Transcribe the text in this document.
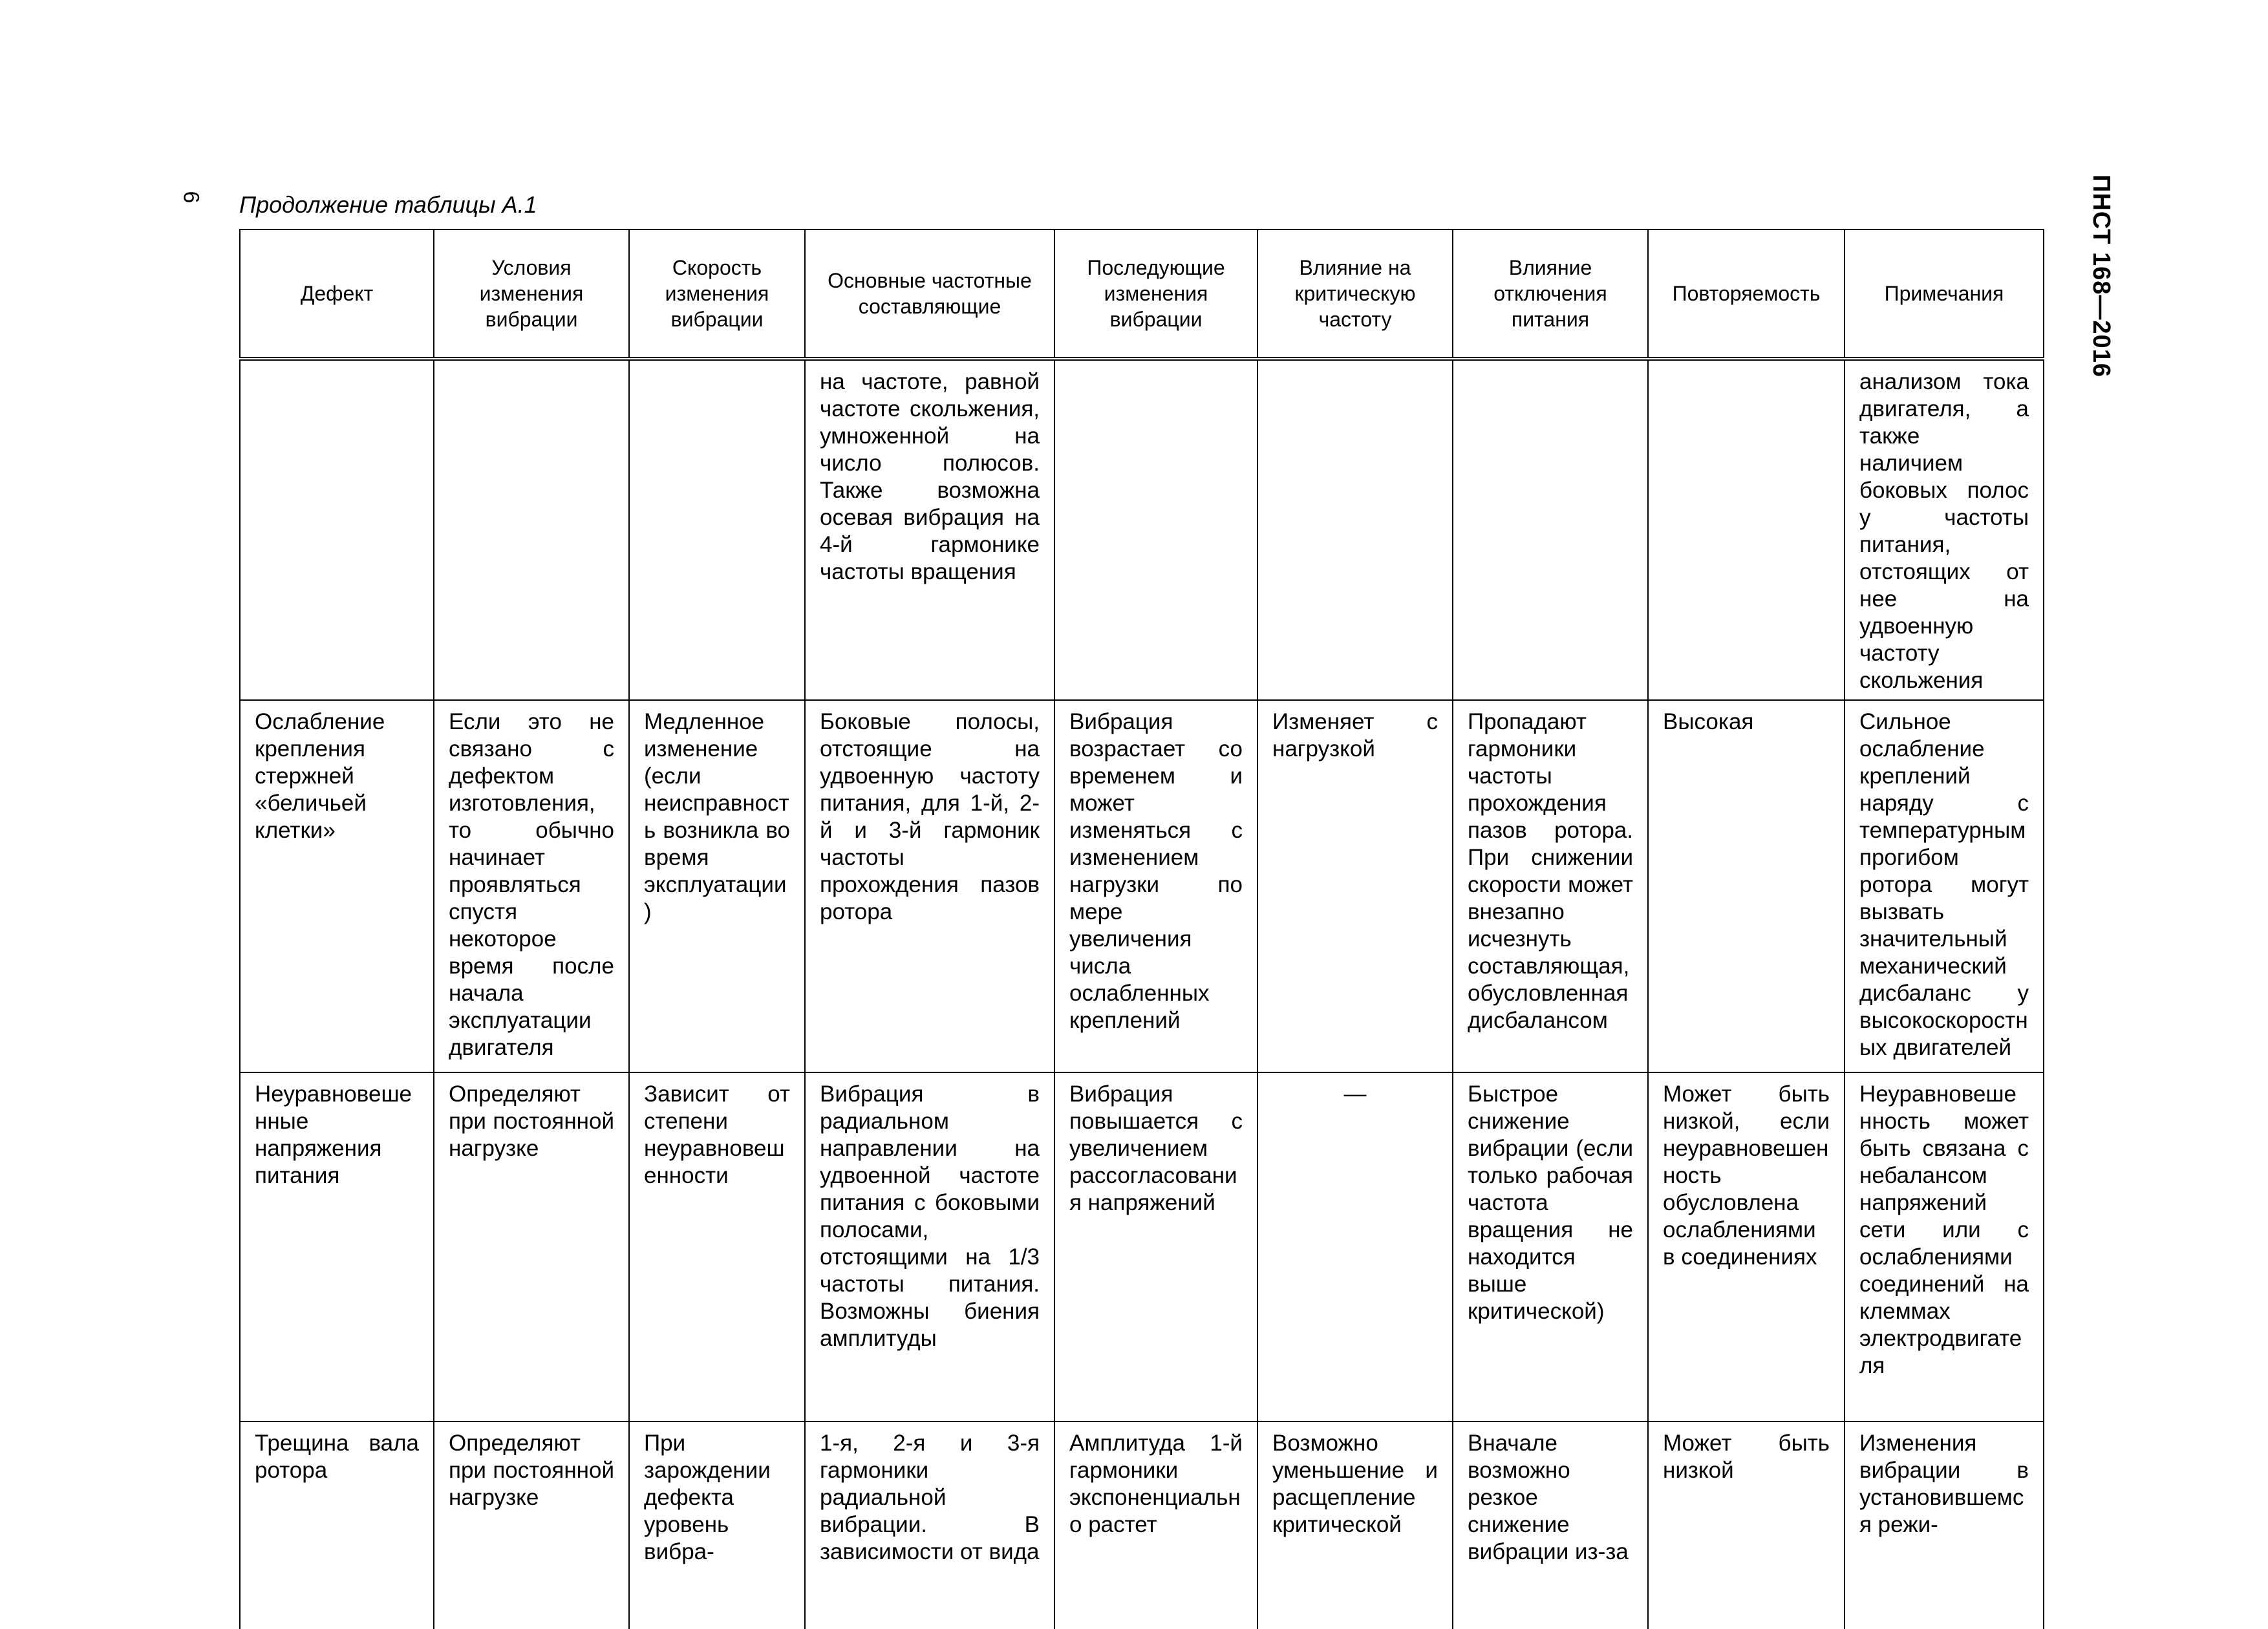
6	ПНСТ 168—2016
Продолжение таблицы А.1
Дефект	Условия изменения вибрации	Скорость изменения вибрации	Основные частотные составляющие	Последующие изменения вибрации	Влияние на критическую частоту	Влияние отключения питания	Повторяемость	Примечания
			на частоте, равной частоте скольжения, умноженной на число полюсов. Также возможна осевая вибрация на 4-й гармонике частоты вращения					анализом тока двигателя, а также наличием боковых полос у частоты питания, отстоящих от нее на удвоенную частоту скольжения
Ослабление крепления стержней «беличьей клетки»	Если это не связано с дефектом изготовления, то обычно начинает проявляться спустя некоторое время после начала эксплуатации двигателя	Медленное изменение (если неисправность возникла во время эксплуатации)	Боковые полосы, отстоящие на удвоенную частоту питания, для 1-й, 2-й и 3-й гармоник частоты прохождения пазов ротора	Вибрация возрастает со временем и может изменяться с изменением нагрузки по мере увеличения числа ослабленных креплений	Изменяет с нагрузкой	Пропадают гармоники частоты прохождения пазов ротора. При снижении скорости может внезапно исчезнуть составляющая, обусловленная дисбалансом	Высокая	Сильное ослабление креплений наряду с температурным прогибом ротора могут вызвать значительный механический дисбаланс у высокоскоростных двигателей
Неуравновешенные напряжения питания	Определяют при постоянной нагрузке	Зависит от степени неуравновешенности	Вибрация в радиальном направлении на удвоенной частоте питания с боковыми полосами, отстоящими на 1/3 частоты питания. Возможны биения амплитуды	Вибрация повышается с увеличением рассогласования напряжений	—	Быстрое снижение вибрации (если только рабочая частота вращения не находится выше критической)	Может быть низкой, если неуравновешенность обусловлена ослаблениями в соединениях	Неуравновешенность может быть связана с небалансом напряжений сети или с ослаблениями соединений на клеммах электродвигателя
Трещина вала ротора	Определяют при постоянной нагрузке	При зарождении дефекта уровень вибра-	1-я, 2-я и 3-я гармоники радиальной вибрации. В зависимости от вида	Амплитуда 1-й гармоники экспоненциально растет	Возможно уменьшение и расщепление критической	Вначале возможно резкое снижение вибрации из-за	Может быть низкой	Изменения вибрации в установившемся режи-
